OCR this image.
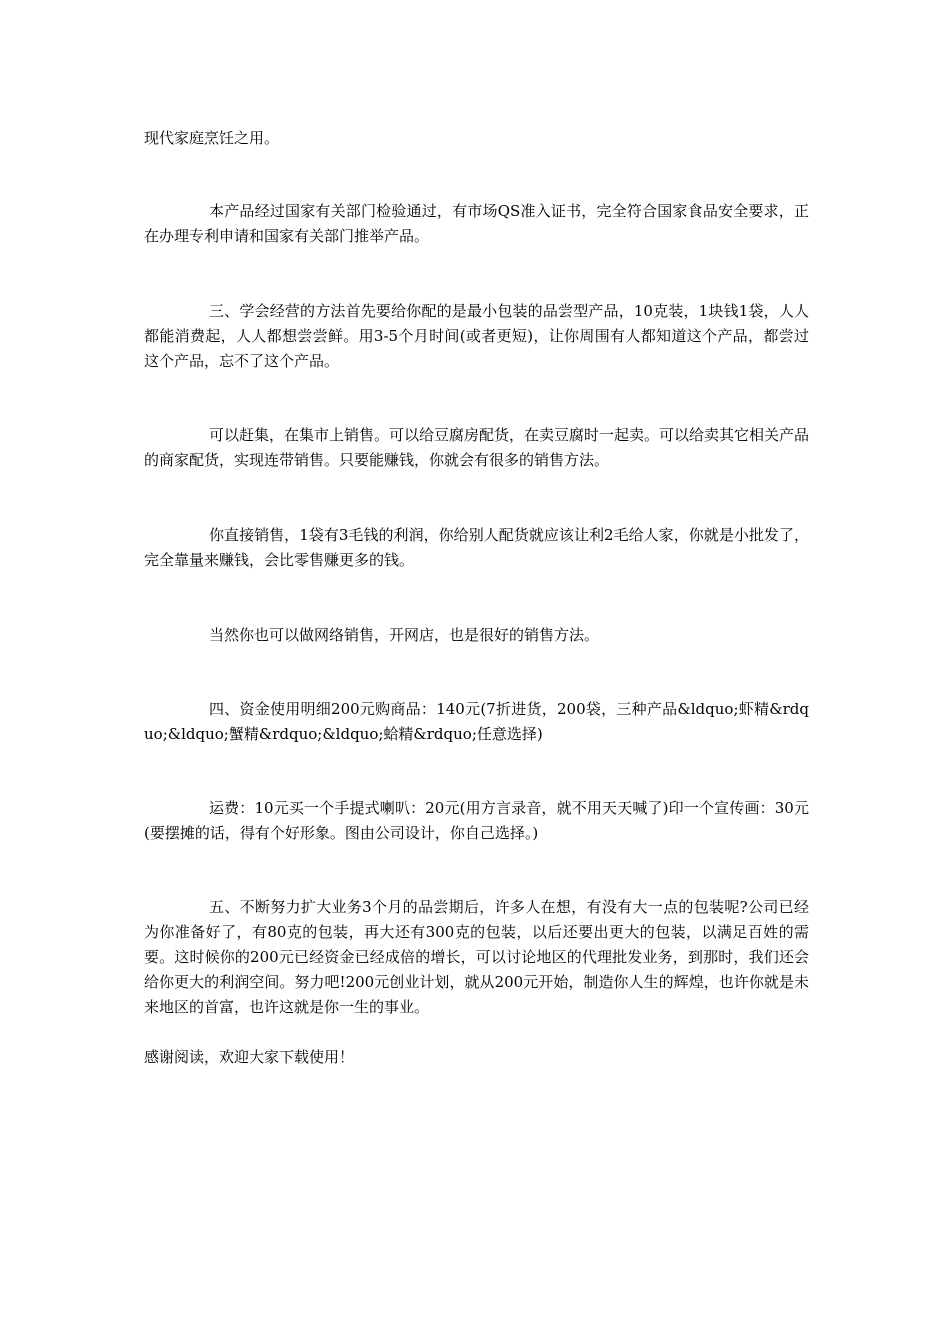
现代家庭烹饪之用。

本产品经过国家有关部门检验通过，有市场QS准入证书，完全符合国家食品安全要求，正在办理专利申请和国家有关部门推举产品。

三、学会经营的方法首先要给你配的是最小包装的品尝型产品，10克装，1块钱1袋，人人都能消费起，人人都想尝尝鲜。用3-5个月时间(或者更短)，让你周围有人都知道这个产品，都尝过这个产品，忘不了这个产品。

可以赶集，在集市上销售。可以给豆腐房配货，在卖豆腐时一起卖。可以给卖其它相关产品的商家配货，实现连带销售。只要能赚钱，你就会有很多的销售方法。

你直接销售，1袋有3毛钱的利润，你给别人配货就应该让利2毛给人家，你就是小批发了，完全靠量来赚钱，会比零售赚更多的钱。

当然你也可以做网络销售，开网店，也是很好的销售方法。

四、资金使用明细200元购商品：140元(7折进货，200袋，三种产品&ldquo;虾精&rdquo;&ldquo;蟹精&rdquo;&ldquo;蛤精&rdquo;任意选择)

运费：10元买一个手提式喇叭：20元(用方言录音，就不用天天喊了)印一个宣传画：30元(要摆摊的话，得有个好形象。图由公司设计，你自己选择。)

五、不断努力扩大业务3个月的品尝期后，许多人在想，有没有大一点的包装呢?公司已经为你准备好了，有80克的包装，再大还有300克的包装，以后还要出更大的包装，以满足百姓的需要。这时候你的200元已经资金已经成倍的增长，可以讨论地区的代理批发业务，到那时，我们还会给你更大的利润空间。努力吧!200元创业计划，就从200元开始，制造你人生的辉煌，也许你就是未来地区的首富，也许这就是你一生的事业。

感谢阅读，欢迎大家下载使用！
